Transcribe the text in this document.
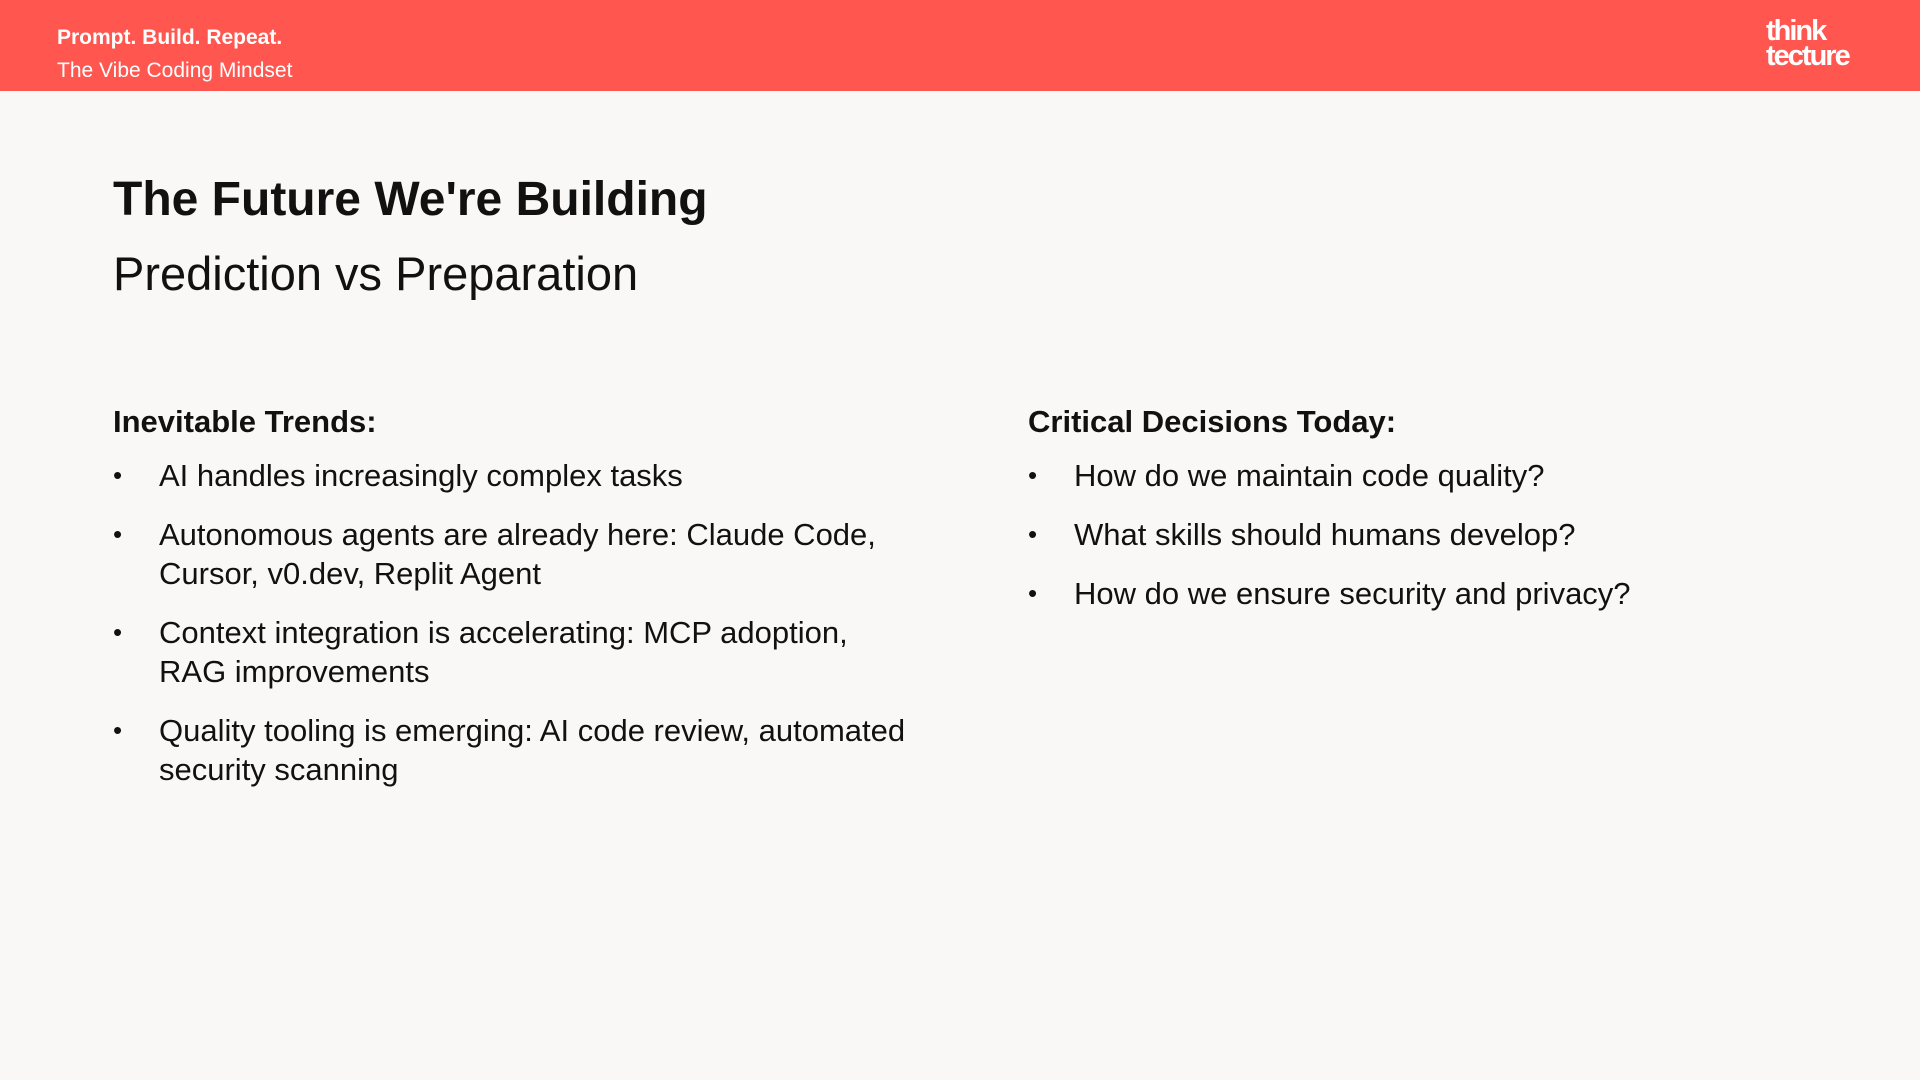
Prompt. Build. Repeat.
The Vibe Coding Mindset
think
tecture
The Future We're Building
Prediction vs Preparation
Inevitable Trends:
• AI handles increasingly complex tasks
• Autonomous agents are already here: Claude Code, Cursor, v0.dev, Replit Agent
• Context integration is accelerating: MCP adoption, RAG improvements
• Quality tooling is emerging: AI code review, automated security scanning
Critical Decisions Today:
• How do we maintain code quality?
• What skills should humans develop?
• How do we ensure security and privacy?
